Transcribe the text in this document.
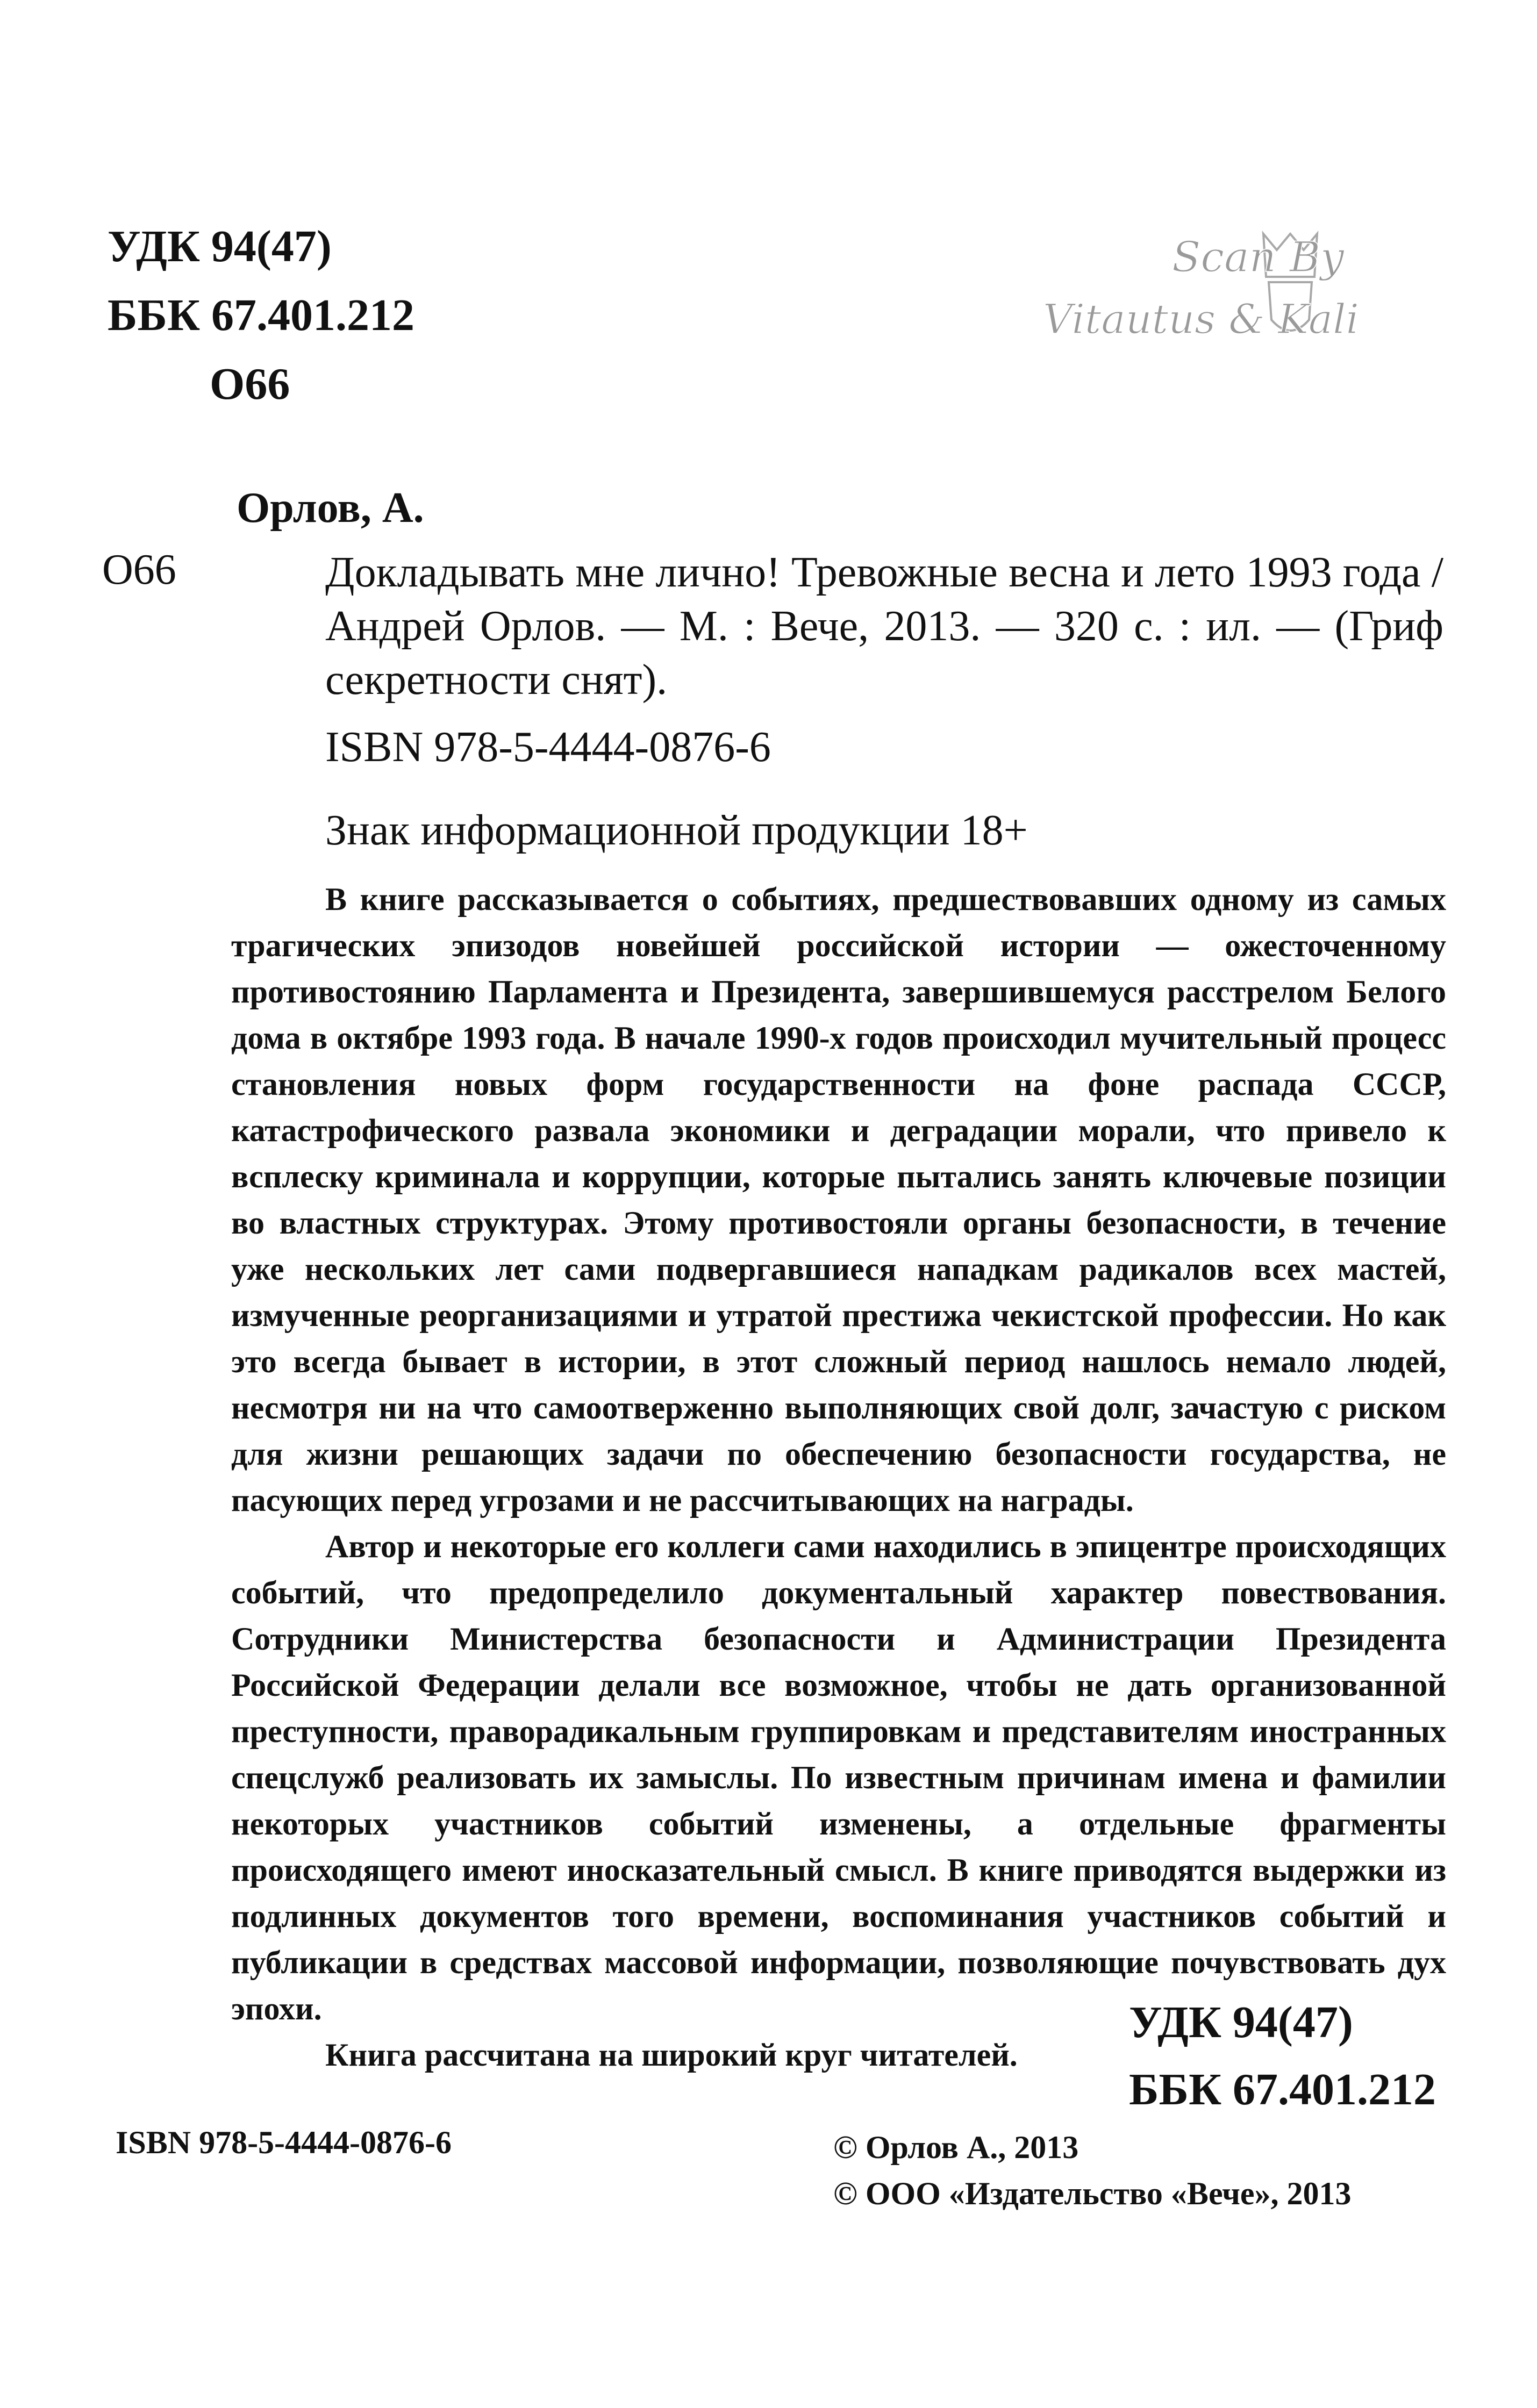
УДК 94(47)
ББК 67.401.212
О66
Scan By
Vitautus & Kali
Орлов, А.
О66	Докладывать мне лично! Тревожные весна и лето 1993 года / Андрей Орлов. — М. : Вече, 2013. — 320 с. : ил. — (Гриф секретности снят).
ISBN 978-5-4444-0876-6
Знак информационной продукции 18+

В книге рассказывается о событиях, предшествовавших одному из самых трагических эпизодов новейшей российской истории — ожесточенному противостоянию Парламента и Президента, завершившемуся расстрелом Белого дома в октябре 1993 года. В начале 1990-х годов происходил мучительный процесс становления новых форм государственности на фоне распада СССР, катастрофического развала экономики и деградации морали, что привело к всплеску криминала и коррупции, которые пытались занять ключевые позиции во властных структурах. Этому противостояли органы безопасности, в течение уже нескольких лет сами подвергавшиеся нападкам радикалов всех мастей, измученные реорганизациями и утратой престижа чекистской профессии. Но как это всегда бывает в истории, в этот сложный период нашлось немало людей, несмотря ни на что самоотверженно выполняющих свой долг, зачастую с риском для жизни решающих задачи по обеспечению безопасности государства, не пасующих перед угрозами и не рассчитывающих на награды.

Автор и некоторые его коллеги сами находились в эпицентре происходящих событий, что предопределило документальный характер повествования. Сотрудники Министерства безопасности и Администрации Президента Российской Федерации делали все возможное, чтобы не дать организованной преступности, праворадикальным группировкам и представителям иностранных спецслужб реализовать их замыслы. По известным причинам имена и фамилии некоторых участников событий изменены, а отдельные фрагменты происходящего имеют иносказательный смысл. В книге приводятся выдержки из подлинных документов того времени, воспоминания участников событий и публикации в средствах массовой информации, позволяющие почувствовать дух эпохи.

Книга рассчитана на широкий круг читателей.

УДК 94(47)
ББК 67.401.212
ISBN 978-5-4444-0876-6	© Орлов А., 2013
© ООО «Издательство «Вече», 2013
